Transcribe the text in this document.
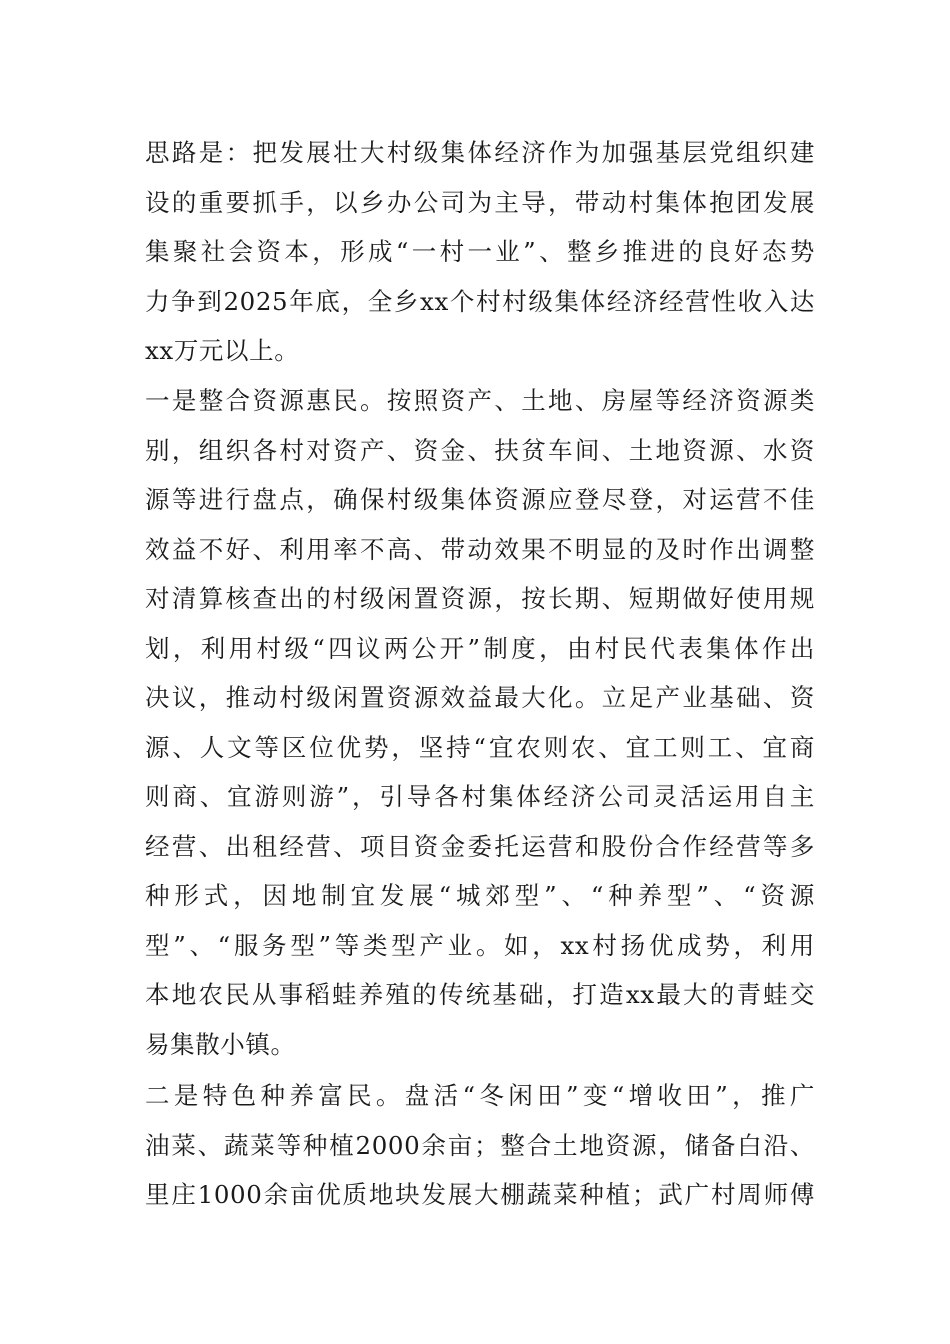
思路是：把发展壮大村级集体经济作为加强基层党组织建
设的重要抓手，以乡办公司为主导，带动村集体抱团发展
集聚社会资本，形成“一村一业”、整乡推进的良好态势
力争到2025年底，全乡xx个村村级集体经济经营性收入达
xx万元以上。
一是整合资源惠民。按照资产、土地、房屋等经济资源类
别，组织各村对资产、资金、扶贫车间、土地资源、水资
源等进行盘点，确保村级集体资源应登尽登，对运营不佳
效益不好、利用率不高、带动效果不明显的及时作出调整
对清算核查出的村级闲置资源，按长期、短期做好使用规
划，利用村级“四议两公开”制度，由村民代表集体作出
决议，推动村级闲置资源效益最大化。立足产业基础、资
源、人文等区位优势，坚持“宜农则农、宜工则工、宜商
则商、宜游则游”，引导各村集体经济公司灵活运用自主
经营、出租经营、项目资金委托运营和股份合作经营等多
种形式，因地制宜发展“城郊型”、“种养型”、“资源
型”、“服务型”等类型产业。如，xx村扬优成势，利用
本地农民从事稻蛙养殖的传统基础，打造xx最大的青蛙交
易集散小镇。
二是特色种养富民。盘活“冬闲田”变“增收田”，推广
油菜、蔬菜等种植2000余亩；整合土地资源，储备白沿、
里庄1000余亩优质地块发展大棚蔬菜种植；武广村周师傅
